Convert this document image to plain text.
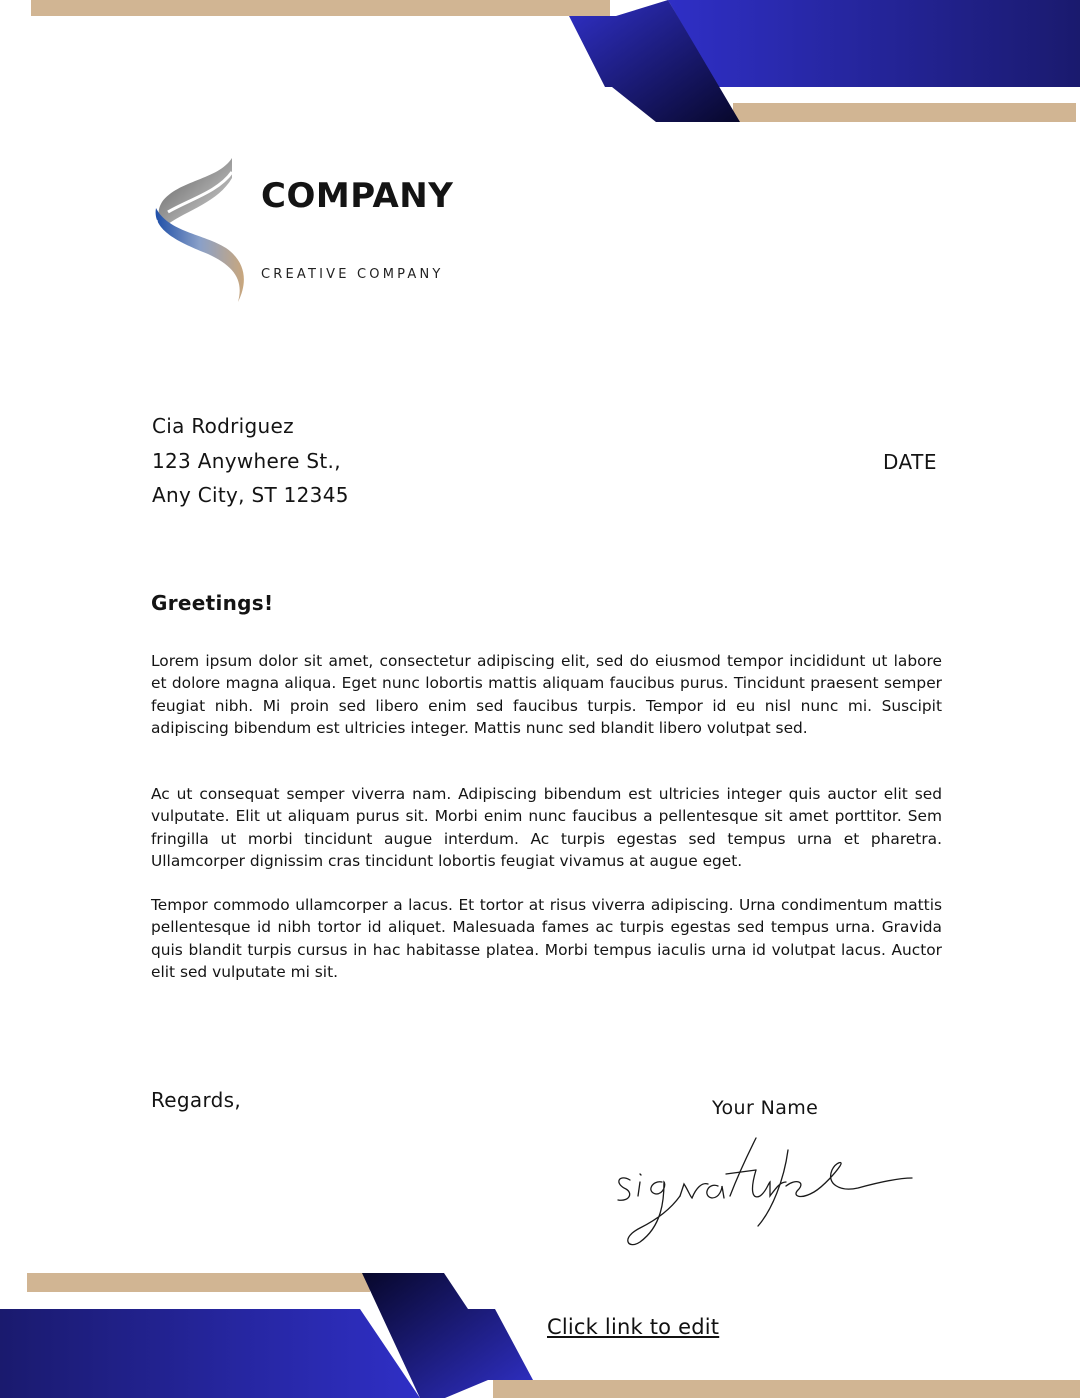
COMPANY
CREATIVE COMPANY
Cia Rodriguez
123 Anywhere St.,
Any City, ST 12345
DATE
Greetings!

Lorem ipsum dolor sit amet, consectetur adipiscing elit, sed do eiusmod tempor incididunt ut labore et dolore magna aliqua. Eget nunc lobortis mattis aliquam faucibus purus. Tincidunt praesent semper feugiat nibh. Mi proin sed libero enim sed faucibus turpis. Tempor id eu nisl nunc mi. Suscipit adipiscing bibendum est ultricies integer. Mattis nunc sed blandit libero volutpat sed.

Ac ut consequat semper viverra nam. Adipiscing bibendum est ultricies integer quis auctor elit sed vulputate. Elit ut aliquam purus sit. Morbi enim nunc faucibus a pellentesque sit amet porttitor. Sem fringilla ut morbi tincidunt augue interdum. Ac turpis egestas sed tempus urna et pharetra. Ullamcorper dignissim cras tincidunt lobortis feugiat vivamus at augue eget.

Tempor commodo ullamcorper a lacus. Et tortor at risus viverra adipiscing. Urna condimentum mattis pellentesque id nibh tortor id aliquet. Malesuada fames ac turpis egestas sed tempus urna. Gravida quis blandit turpis cursus in hac habitasse platea. Morbi tempus iaculis urna id volutpat lacus. Auctor elit sed vulputate mi sit.

Regards,	Your Name
Click link to edit
